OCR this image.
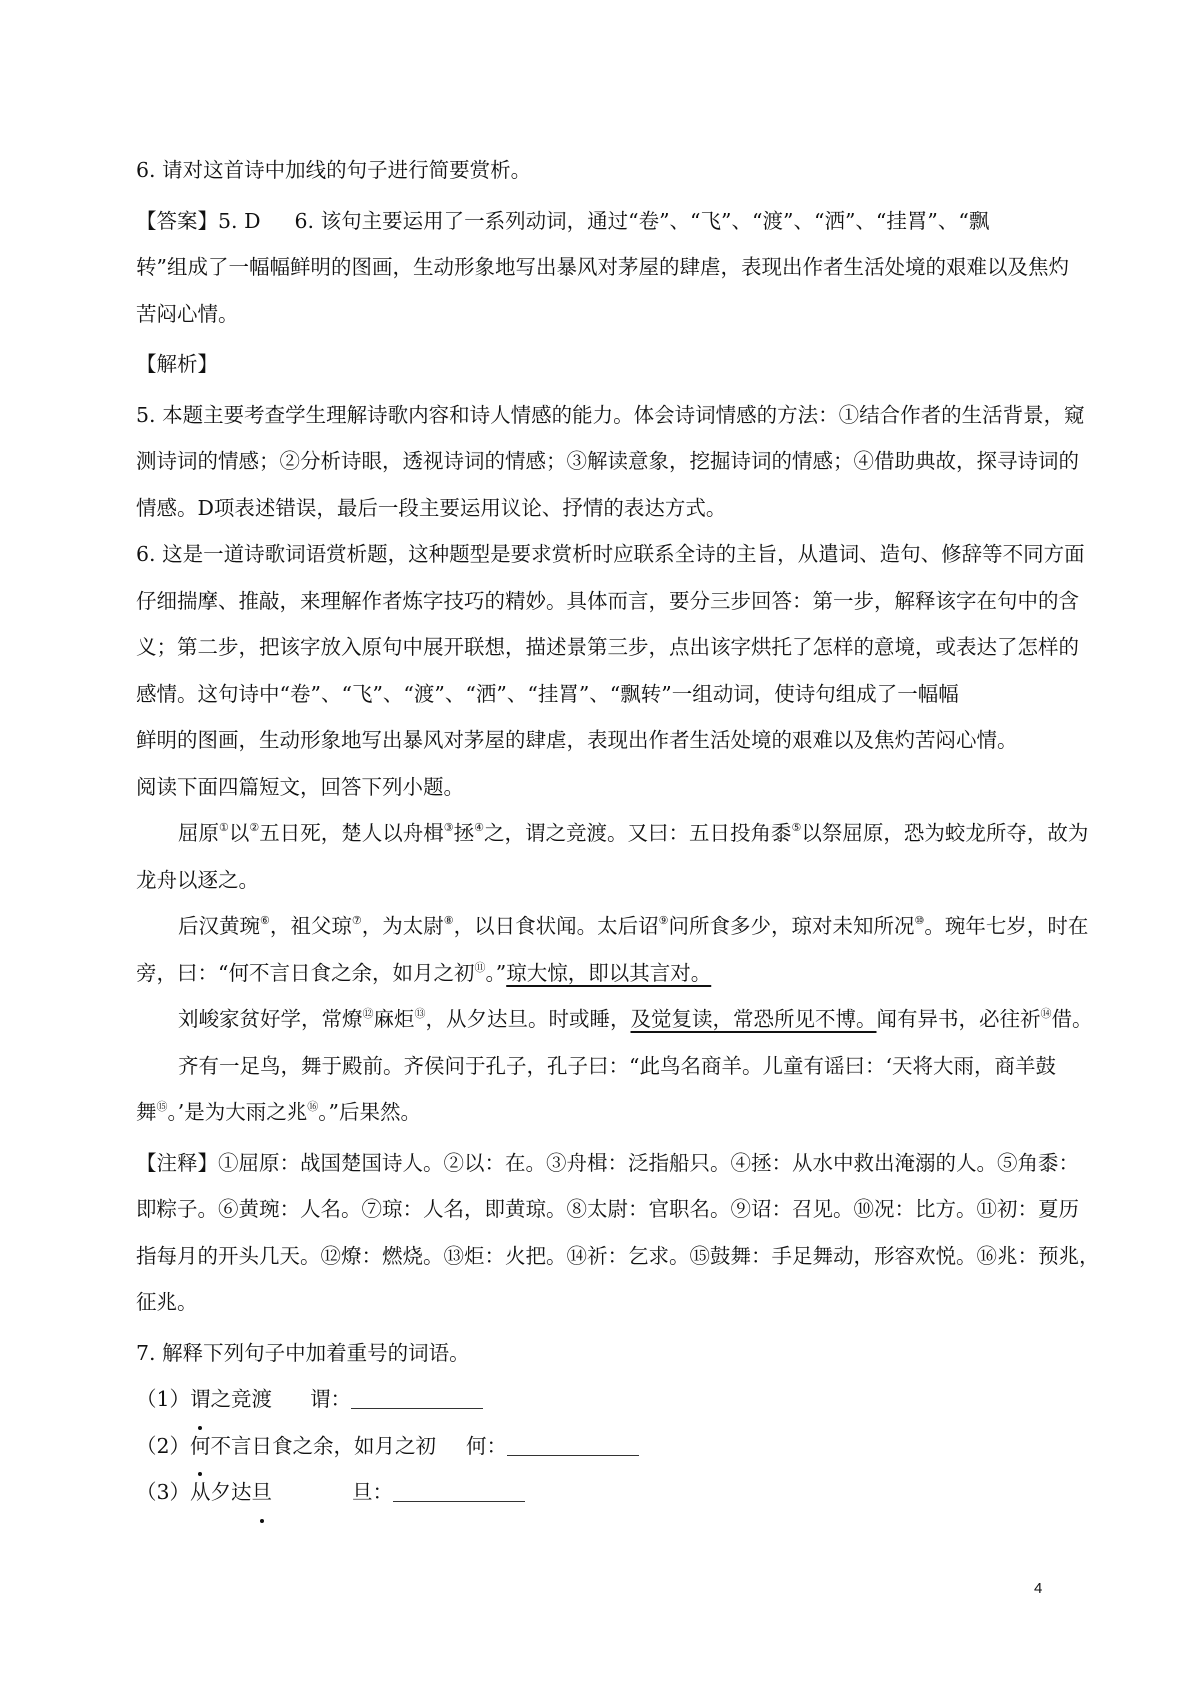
6. 请对这首诗中加线的句子进行简要赏析。
【答案】5. D 6. 该句主要运用了一系列动词，通过“卷”、“飞”、“渡”、“洒”、“挂罥”、“飘
转”组成了一幅幅鲜明的图画，生动形象地写出暴风对茅屋的肆虐，表现出作者生活处境的艰难以及焦灼
苦闷心情。
【解析】
5. 本题主要考查学生理解诗歌内容和诗人情感的能力。体会诗词情感的方法：①结合作者的生活背景，窥
测诗词的情感；②分析诗眼，透视诗词的情感；③解读意象，挖掘诗词的情感；④借助典故，探寻诗词的
情感。D项表述错误，最后一段主要运用议论、抒情的表达方式。
6. 这是一道诗歌词语赏析题，这种题型是要求赏析时应联系全诗的主旨，从遣词、造句、修辞等不同方面
仔细揣摩、推敲，来理解作者炼字技巧的精妙。具体而言，要分三步回答：第一步，解释该字在句中的含
义；第二步，把该字放入原句中展开联想，描述景第三步，点出该字烘托了怎样的意境，或表达了怎样的
感情。这句诗中“卷”、“飞”、“渡”、“洒”、“挂罥”、“飘转”一组动词，使诗句组成了一幅幅
鲜明的图画，生动形象地写出暴风对茅屋的肆虐，表现出作者生活处境的艰难以及焦灼苦闷心情。
阅读下面四篇短文，回答下列小题。
屈原①以②五日死，楚人以舟楫③拯④之，谓之竞渡。又曰：五日投角黍⑤以祭屈原，恐为蛟龙所夺，故为
龙舟以逐之。
后汉黄琬⑥，祖父琼⑦，为太尉⑧，以日食状闻。太后诏⑨问所食多少，琼对未知所况⑩。琬年七岁，时在
旁，曰：“何不言日食之余，如月之初⑪。”琼大惊，即以其言对。
刘峻家贫好学，常燎⑫麻炬⑬，从夕达旦。时或睡，及觉复读，常恐所见不博。闻有异书，必往祈⑭借。
齐有一足鸟，舞于殿前。齐侯问于孔子，孔子曰：“此鸟名商羊。儿童有谣曰：‘天将大雨，商羊鼓
舞⑮。’是为大雨之兆⑯。”后果然。
【注释】①屈原：战国楚国诗人。②以：在。③舟楫：泛指船只。④拯：从水中救出淹溺的人。⑤角黍：
即粽子。⑥黄琬：人名。⑦琼：人名，即黄琼。⑧太尉：官职名。⑨诏：召见。⑩况：比方。⑪初：夏历
指每月的开头几天。⑫燎：燃烧。⑬炬：火把。⑭祈：乞求。⑮鼓舞：手足舞动，形容欢悦。⑯兆：预兆，
征兆。
7. 解释下列句子中加着重号的词语。
（1）谓之竞渡 谓：
（2）何不言日食之余，如月之初 何：
（3）从夕达旦	旦：
4
